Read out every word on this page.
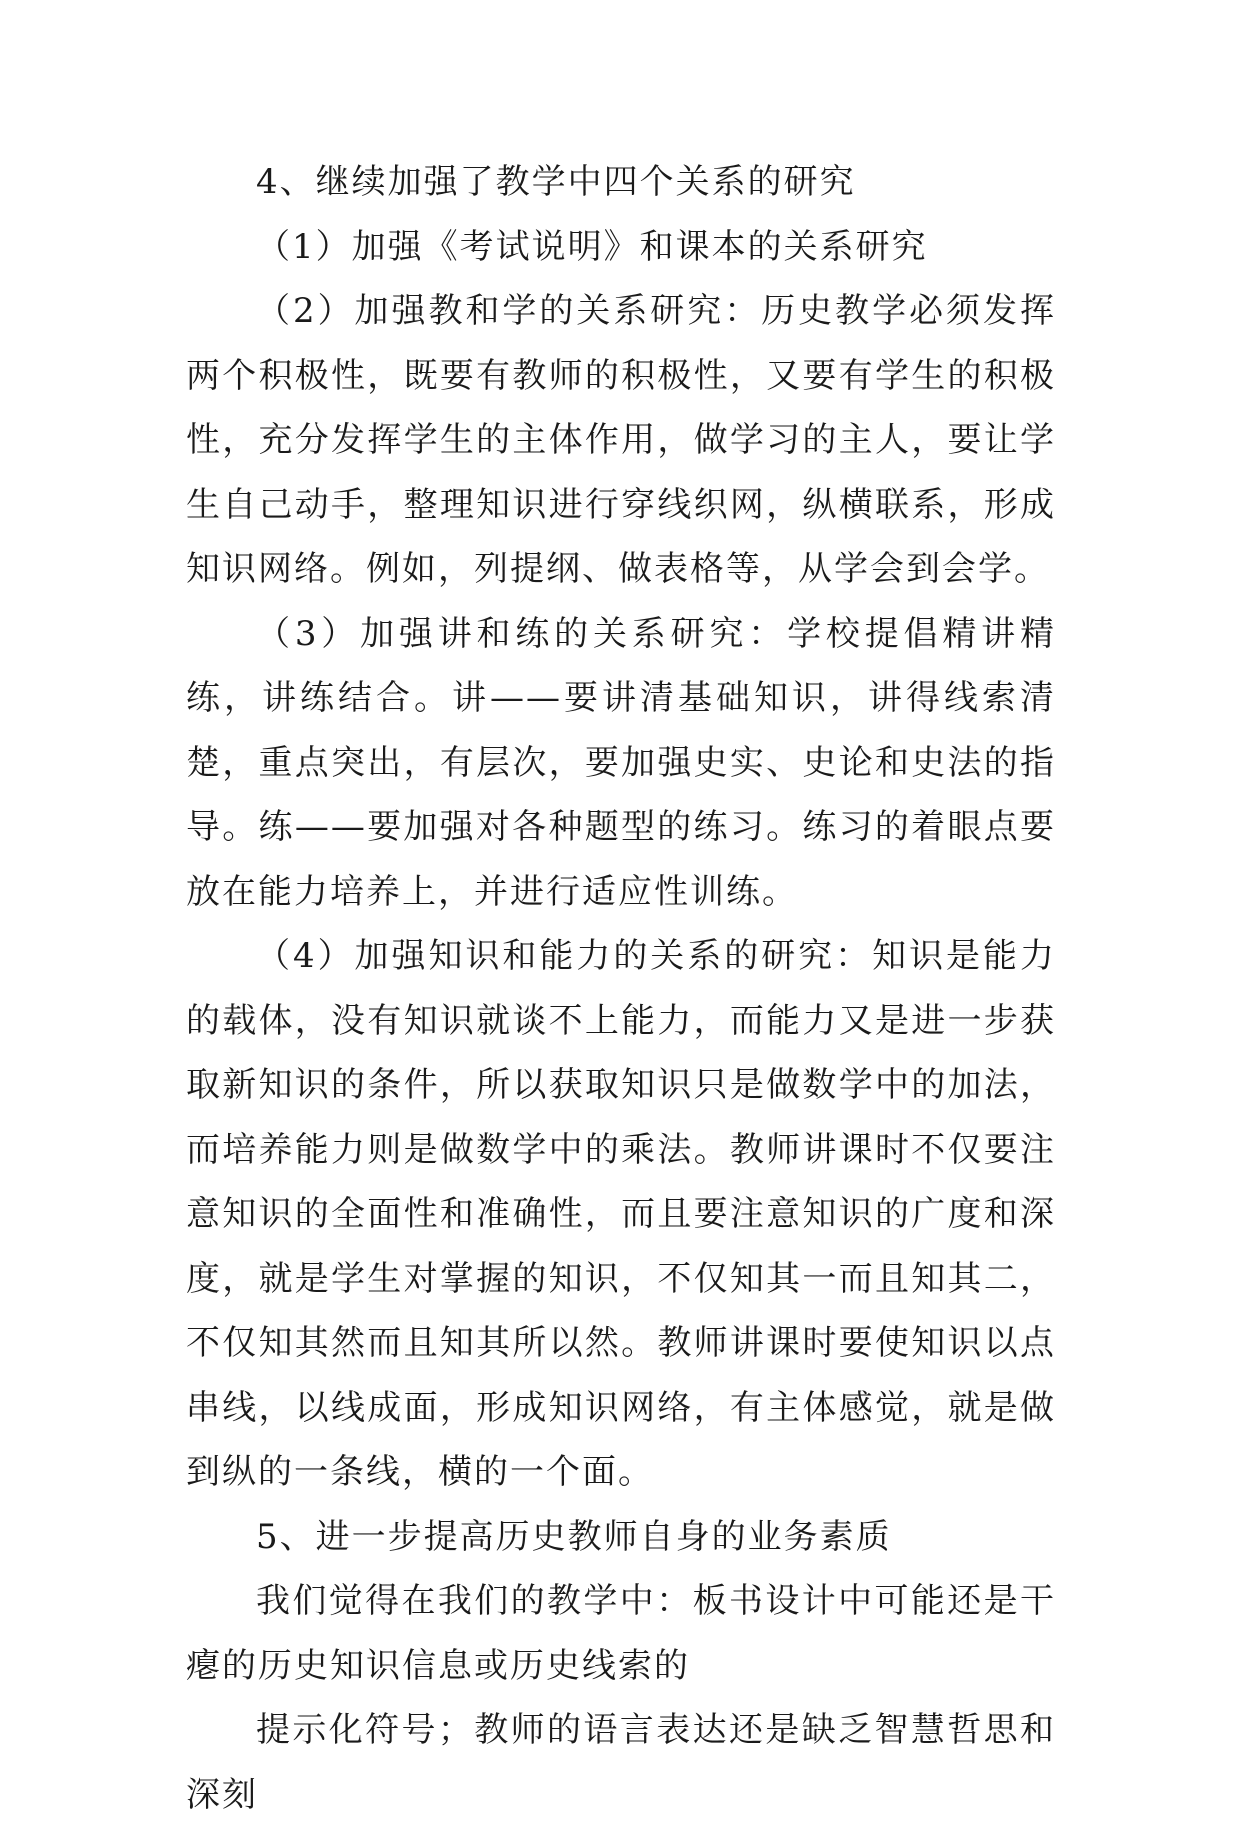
4、继续加强了教学中四个关系的研究

（1）加强《考试说明》和课本的关系研究

（2）加强教和学的关系研究：历史教学必须发挥两个积极性，既要有教师的积极性，又要有学生的积极性，充分发挥学生的主体作用，做学习的主人，要让学生自己动手，整理知识进行穿线织网，纵横联系，形成知识网络。例如，列提纲、做表格等，从学会到会学。

（3）加强讲和练的关系研究：学校提倡精讲精练，讲练结合。讲——要讲清基础知识，讲得线索清楚，重点突出，有层次，要加强史实、史论和史法的指导。练——要加强对各种题型的练习。练习的着眼点要放在能力培养上，并进行适应性训练。

（4）加强知识和能力的关系的研究：知识是能力的载体，没有知识就谈不上能力，而能力又是进一步获取新知识的条件，所以获取知识只是做数学中的加法，而培养能力则是做数学中的乘法。教师讲课时不仅要注意知识的全面性和准确性，而且要注意知识的广度和深度，就是学生对掌握的知识，不仅知其一而且知其二，不仅知其然而且知其所以然。教师讲课时要使知识以点串线，以线成面，形成知识网络，有主体感觉，就是做到纵的一条线，横的一个面。

5、进一步提高历史教师自身的业务素质

我们觉得在我们的教学中：板书设计中可能还是干瘪的历史知识信息或历史线索的

提示化符号；教师的语言表达还是缺乏智慧哲思和深刻
